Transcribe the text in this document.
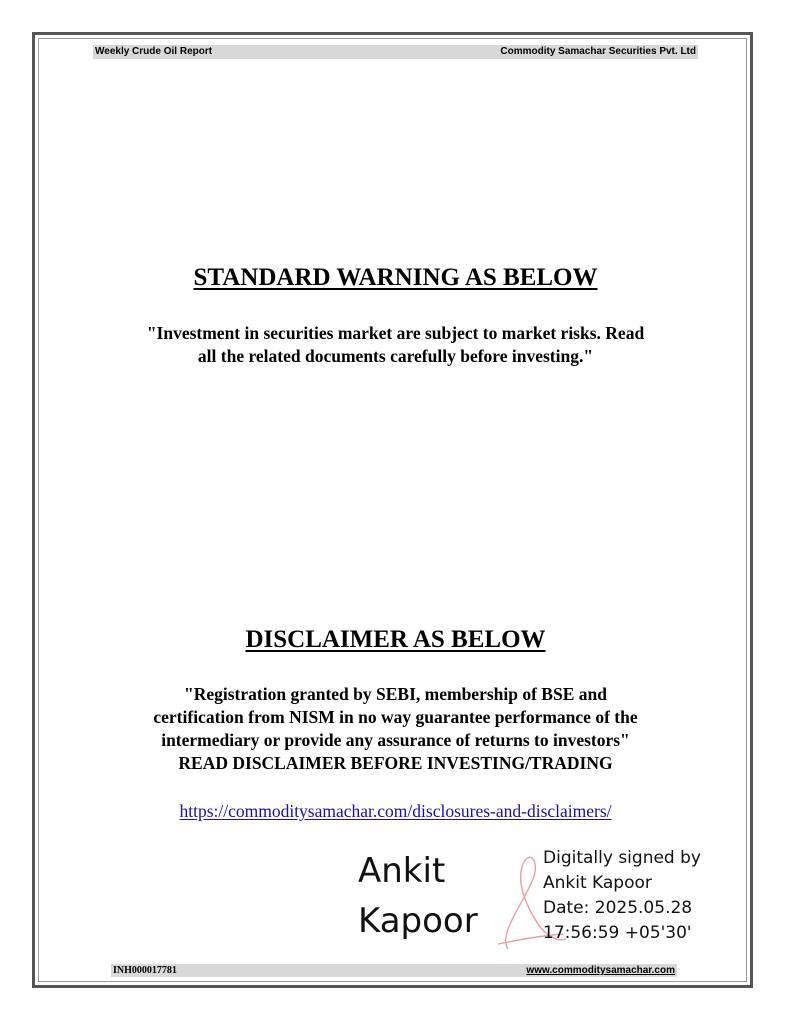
Weekly Crude Oil Report	Commodity Samachar Securities Pvt. Ltd
STANDARD WARNING AS BELOW
"Investment in securities market are subject to market risks. Read
all the related documents carefully before investing."
DISCLAIMER AS BELOW
"Registration granted by SEBI, membership of BSE and
certification from NISM in no way guarantee performance of the
intermediary or provide any assurance of returns to investors"
READ DISCLAIMER BEFORE INVESTING/TRADING
https://commoditysamachar.com/disclosures-and-disclaimers/
Ankit
Kapoor
Digitally signed by
Ankit Kapoor
Date: 2025.05.28
17:56:59 +05'30'
INH000017781	www.commoditysamachar.com
